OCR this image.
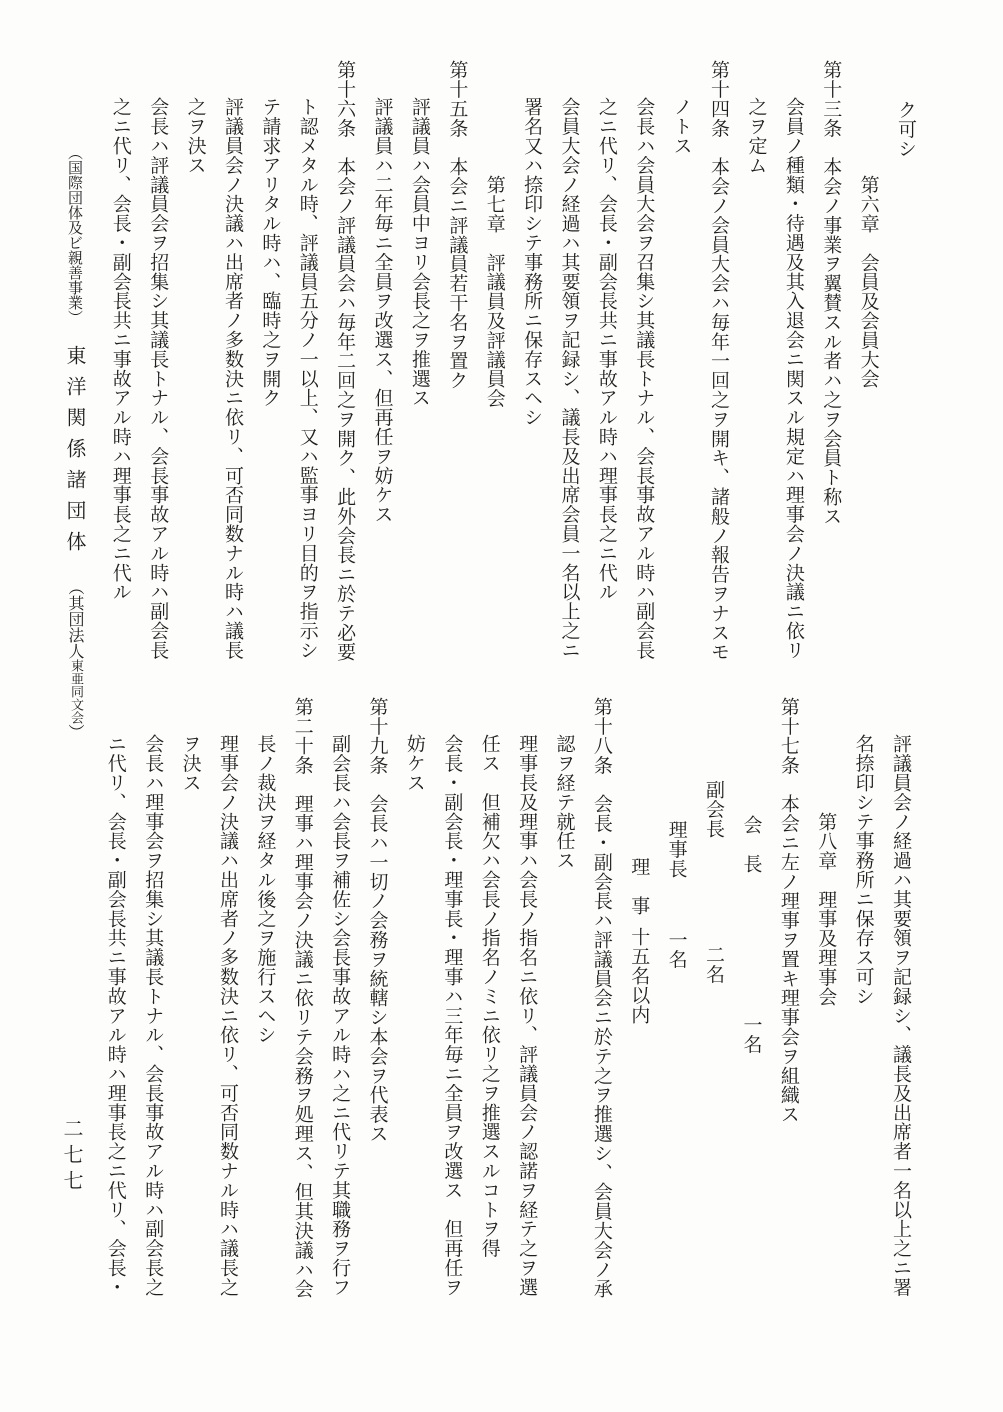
ク可シ
第六章　会員及会員大会
第十三条　本会ノ事業ヲ翼賛スル者ハ之ヲ会員ト称ス
会員ノ種類・待遇及其入退会ニ関スル規定ハ理事会ノ決議ニ依リ
之ヲ定ム
第十四条　本会ノ会員大会ハ毎年一回之ヲ開キ、諸般ノ報告ヲナスモ
ノトス
会長ハ会員大会ヲ召集シ其議長トナル、会長事故アル時ハ副会長
之ニ代リ、会長・副会長共ニ事故アル時ハ理事長之ニ代ル
会員大会ノ経過ハ其要領ヲ記録シ、議長及出席会員一名以上之ニ
署名又ハ捺印シテ事務所ニ保存スヘシ
第七章　評議員及評議員会
第十五条　本会ニ評議員若干名ヲ置ク
評議員ハ会員中ヨリ会長之ヲ推選ス
評議員ハ二年毎ニ全員ヲ改選ス、但再任ヲ妨ケス
第十六条　本会ノ評議員会ハ毎年二回之ヲ開ク、此外会長ニ於テ必要
ト認メタル時、評議員五分ノ一以上、又ハ監事ヨリ目的ヲ指示シ
テ請求アリタル時ハ、臨時之ヲ開ク
評議員会ノ決議ハ出席者ノ多数決ニ依リ、可否同数ナル時ハ議長
之ヲ決ス
会長ハ評議員会ヲ招集シ其議長トナル、会長事故アル時ハ副会長
之ニ代リ、会長・副会長共ニ事故アル時ハ理事長之ニ代ル
評議員会ノ経過ハ其要領ヲ記録シ、議長及出席者一名以上之ニ署
名捺印シテ事務所ニ保存ス可シ
第八章　理事及理事会
第十七条　本会ニ左ノ理事ヲ置キ理事会ヲ組織ス
会　長一名
副会長二名
理事長一名
理　事十五名以内
第十八条　会長・副会長ハ評議員会ニ於テ之ヲ推選シ、会員大会ノ承
認ヲ経テ就任ス
理事長及理事ハ会長ノ指名ニ依リ、評議員会ノ認諾ヲ経テ之ヲ選
任ス　但補欠ハ会長ノ指名ノミニ依リ之ヲ推選スルコトヲ得
会長・副会長・理事長・理事ハ三年毎ニ全員ヲ改選ス　但再任ヲ
妨ケス
第十九条　会長ハ一切ノ会務ヲ統轄シ本会ヲ代表ス
副会長ハ会長ヲ補佐シ会長事故アル時ハ之ニ代リテ其職務ヲ行フ
第二十条　理事ハ理事会ノ決議ニ依リテ会務ヲ処理ス、但其決議ハ会
長ノ裁決ヲ経タル後之ヲ施行スヘシ
理事会ノ決議ハ出席者ノ多数決ニ依リ、可否同数ナル時ハ議長之
ヲ決ス
会長ハ理事会ヲ招集シ其議長トナル、会長事故アル時ハ副会長之
ニ代リ、会長・副会長共ニ事故アル時ハ理事長之ニ代リ、会長・
（国際団体及ビ親善事業）東洋関係諸団体（其団法人東亜同文会）
二七七
